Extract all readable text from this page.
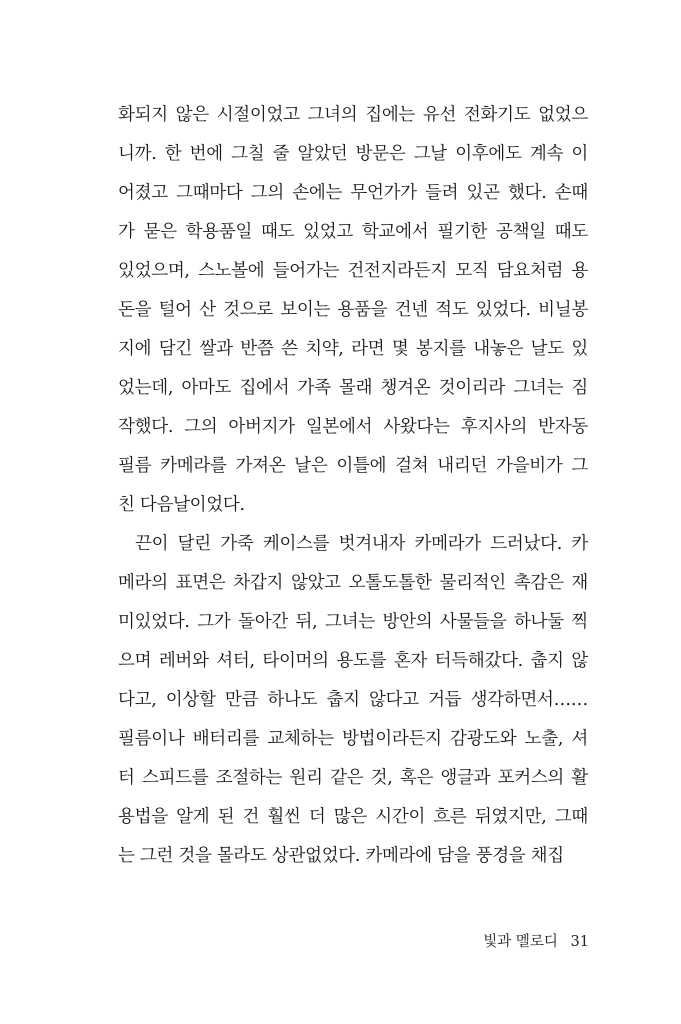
화되지 않은 시절이었고 그녀의 집에는 유선 전화기도 없었으
니까. 한 번에 그칠 줄 알았던 방문은 그날 이후에도 계속 이
어졌고 그때마다 그의 손에는 무언가가 들려 있곤 했다. 손때
가 묻은 학용품일 때도 있었고 학교에서 필기한 공책일 때도
있었으며, 스노볼에 들어가는 건전지라든지 모직 담요처럼 용
돈을 털어 산 것으로 보이는 용품을 건넨 적도 있었다. 비닐봉
지에 담긴 쌀과 반쯤 쓴 치약, 라면 몇 봉지를 내놓은 날도 있
었는데, 아마도 집에서 가족 몰래 챙겨온 것이리라 그녀는 짐
작했다. 그의 아버지가 일본에서 사왔다는 후지사의 반자동
필름 카메라를 가져온 날은 이틀에 걸쳐 내리던 가을비가 그
친 다음날이었다.
끈이 달린 가죽 케이스를 벗겨내자 카메라가 드러났다. 카
메라의 표면은 차갑지 않았고 오톨도톨한 물리적인 촉감은 재
미있었다. 그가 돌아간 뒤, 그녀는 방안의 사물들을 하나둘 찍
으며 레버와 셔터, 타이머의 용도를 혼자 터득해갔다. 춥지 않
다고, 이상할 만큼 하나도 춥지 않다고 거듭 생각하면서……
필름이나 배터리를 교체하는 방법이라든지 감광도와 노출, 셔
터 스피드를 조절하는 원리 같은 것, 혹은 앵글과 포커스의 활
용법을 알게 된 건 훨씬 더 많은 시간이 흐른 뒤였지만, 그때
는 그런 것을 몰라도 상관없었다. 카메라에 담을 풍경을 채집
빛과 멜로디 31
